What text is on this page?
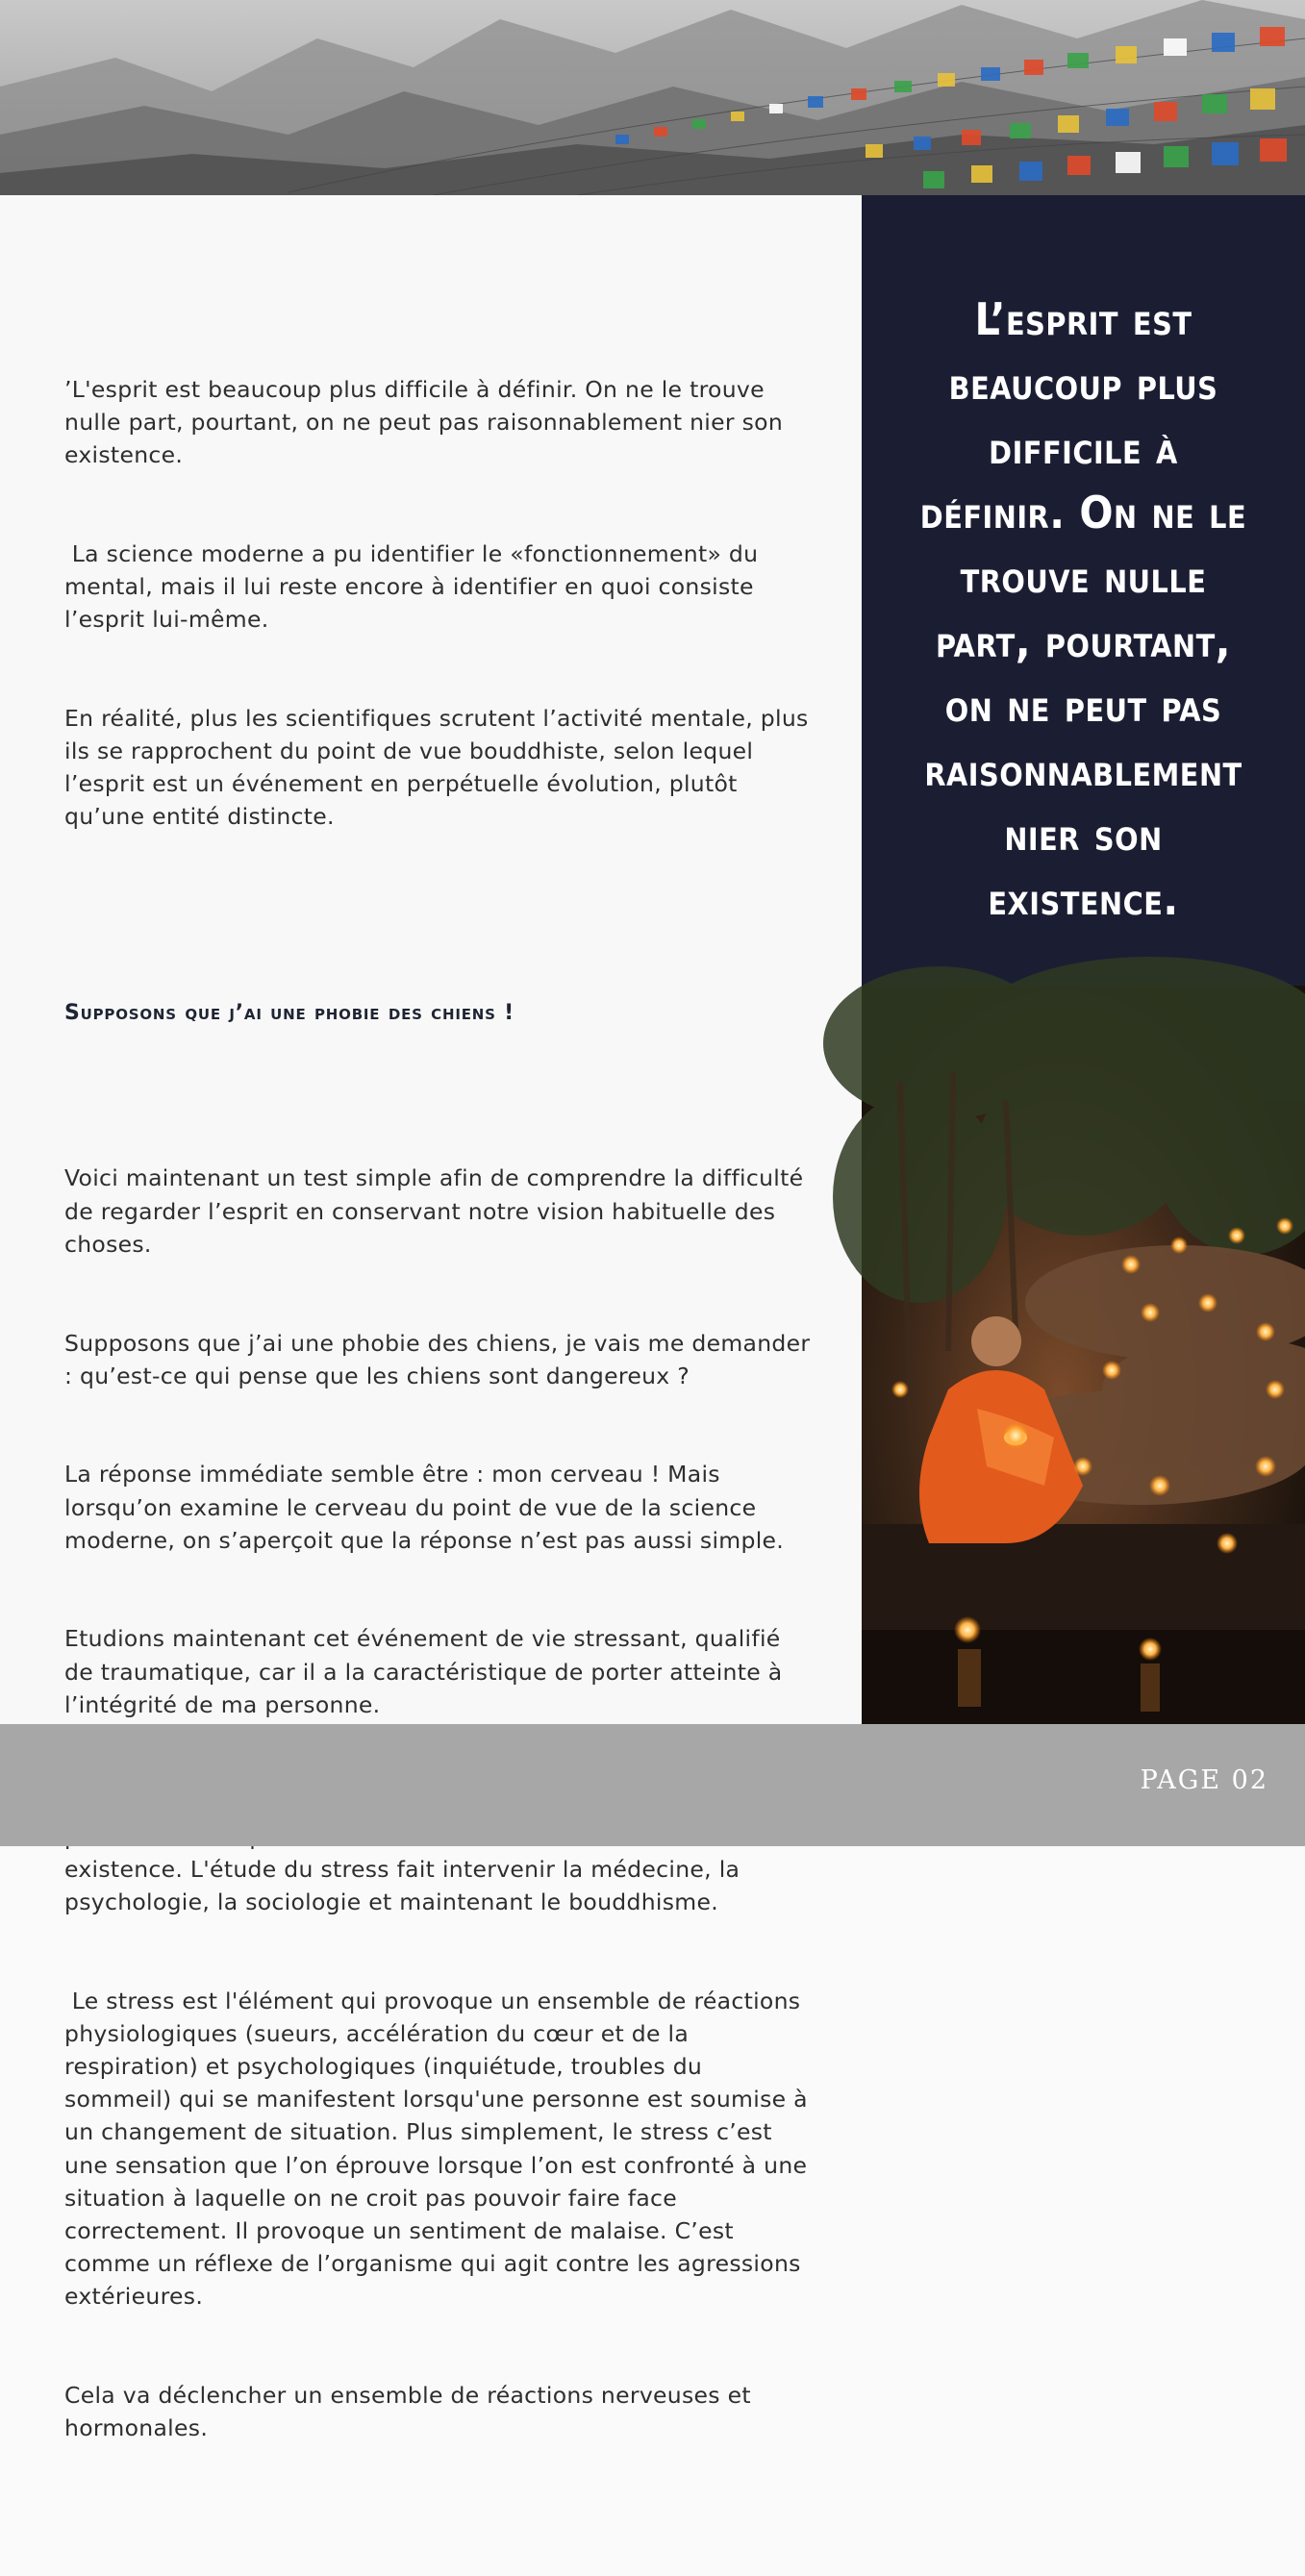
’L'esprit est beaucoup plus difficile à définir. On ne le trouve nulle part, pourtant, on ne peut pas raisonnablement nier son existence.

La science moderne a pu identifier le «fonctionnement» du mental, mais il lui reste encore à identifier en quoi consiste l’esprit lui-même.

En réalité, plus les scientifiques scrutent l’activité mentale, plus ils se rapprochent du point de vue bouddhiste, selon lequel l’esprit est un événement en perpétuelle évolution, plutôt qu’une entité distincte.

Supposons que j’ai une phobie des chiens !

Voici maintenant un test simple afin de comprendre la difficulté de regarder l’esprit en conservant notre vision habituelle des choses.

Supposons que j’ai une phobie des chiens, je vais me demander : qu’est-ce qui pense que les chiens sont dangereux ?

La réponse immédiate semble être : mon cerveau ! Mais lorsqu’on examine le cerveau du point de vue de la science moderne, on s’aperçoit que la réponse n’est pas aussi simple.

Etudions maintenant cet événement de vie stressant, qualifié de traumatique, car il a la caractéristique de porter atteinte à l’intégrité de ma personne.

existence. L'étude du stress fait intervenir la médecine, la psychologie, la sociologie et maintenant le bouddhisme.

Le stress est l'élément qui provoque un ensemble de réactions physiologiques (sueurs, accélération du cœur et de la respiration) et psychologiques (inquiétude, troubles du sommeil) qui se manifestent lorsqu'une personne est soumise à un changement de situation. Plus simplement, le stress c’est une sensation que l’on éprouve lorsque l’on est confronté à une situation à laquelle on ne croit pas pouvoir faire face correctement. Il provoque un sentiment de malaise. C’est comme un réflexe de l’organisme qui agit contre les agressions extérieures.

Cela va déclencher un ensemble de réactions nerveuses et hormonales.

L’esprit est
beaucoup plus
difficile à
définir. On ne le
trouve nulle
part, pourtant,
on ne peut pas
raisonnablement
nier son
existence.
PAGE 02
